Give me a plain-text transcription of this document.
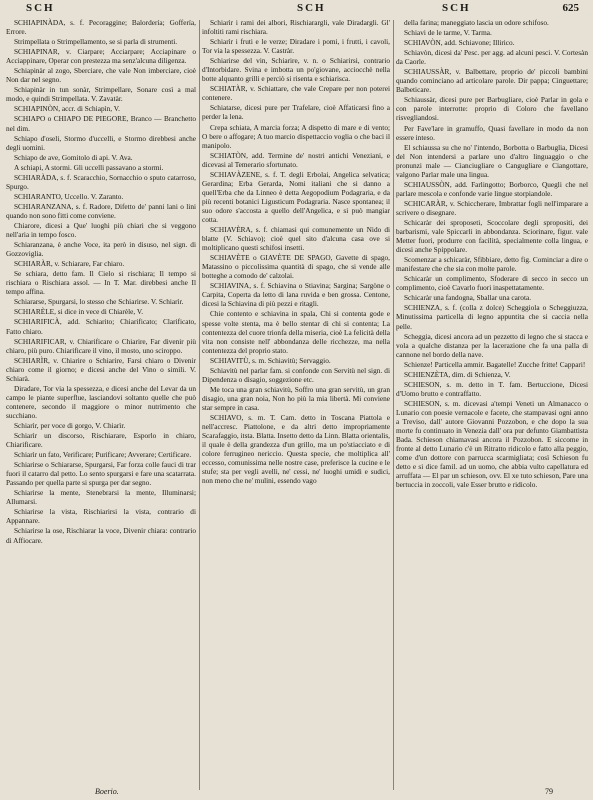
SCH	SCH	SCH	625

SCHIAPINÀDA, s. f. Pecoraggine; Balordería; Goffería, Errore.

Strimpellata o Strimpellamento, se si parla di strumenti.

SCHIAPINAR, v. Ciarpare; Acciarpare; Acciapinare o Acciappinare, Operar con prestezza ma senz'alcuna diligenza.

Schiapinàr al zogo, Sberciare, che vale Non imberciare, cioè Non dar nel segno.

Schiapinàr in tun sonàr, Strimpellare, Sonare così a mal modo, e quindi Strimpellata. V. Zavatàr.

SCHIAPINÒN, accr. di Schiapìn, V.

SCHIAPO o CHIAPO DE PIEGORE, Branco — Branchetto nel dim.

Schiapo d'oseli, Stormo d'uccelli, e Stormo direbbesi anche degli uomini.

Schiapo de ave, Gomitolo di api. V. Ava.

A schiapi, A stormi. Gli uccelli passavano a stormi.

SCHIARÀDA, s. f. Scaracchio, Sornacchio o sputo catarroso, Spurgo.

SCHIARANTO, Uccello. V. Zaranto.

SCHIARANZANA, s. f. Radore, Difetto de' panni lani o lini quando non sono fitti come conviene.

Chiarore, dicesi a Que' luoghi più chiari che si veggono nell'aria in tempo fosco.

Schiaranzana, è anche Voce, ita però in disuso, nel sign. di Gozzoviglia.

SCHIARÀR, v. Schiarare, Far chiaro.

Se schiara, detto fam. Il Cielo si rischiara; Il tempo si rischiara o Rischiara assol. — In T. Mar. direbbesi anche Il tempo affina.

Schiararse, Spurgarsi, lo stesso che Schiarirse. V. Schiarìr.

SCHIARÈLE, si dice in vece di Chiarèle, V.

SCHIARIFICÀ, add. Schiarito; Chiarificato; Clarificato, Fatto chiaro.

SCHIARIFICAR, v. Chiarificare o Chiarire, Far divenir più chiaro, più puro. Chiarificare il vino, il mosto, uno sciroppo.

SCHIARÌR, v. Chiarire o Schiarire, Farsi chiaro o Divenir chiaro come il giorno; e dicesi anche del Vino o simili. V. Schiarà.

Diradare, Tor via la spessezza, e dicesi anche del Levar da un campo le piante superflue, lasciandovi soltanto quelle che può contenere, secondo il maggiore o minor nutrimento che succhiano.

Schiarìr, per voce di gorgo, V. Chiarìr.

Schiarìr un discorso, Rischiarare, Esporlo in chiaro, Chiarificare.

Schiarìr un fato, Verificare; Purificare; Avverare; Certificare.

Schiarirse o Schiararse, Spurgarsi, Far forza colle fauci di trar fuori il catarro dal petto. Lo sento spurgarsi e fare una scatarrata. Passando per quella parte si spurga per dar segno.

Schiarirse la mente, Stenebrarsi la mente, Illuminarsi; Allumarsi.

Schiarirse la vista, Rischiarirsi la vista, contrario di Appannare.

Schiarirse la ose, Rischiarar la voce, Divenir chiara: contrario di Affiocare.

Schiarìr i rami dei albori, Rischiarargli, vale Diradargli. Gl' infoltiti rami rischiara.

Schiarìr i fruti e le verze; Diradare i pomi, i frutti, i cavoli, Tor via la spessezza. V. Castràr.

Schiarirse del vin, Schiarire, v. n. o Schiarirsi, contrario d'Intorbidare. Svina e imbotta un po'giovane, acciocchè nella botte alquanto grilli e perciò si risenta e schiarisca.

SCHIATÀR, v. Schiattare, che vale Crepare per non poterei contenere.

Schiatarse, dicesi pure per Trafelare, cioè Affaticarsi fino a perder la lena.

Crepa schiata, A marcia forza; A dispetto di mare e di vento; O bere o affogare; A tuo marcio dispettaccio voglia o che baci il manipolo.

SCHIATÒN, add. Termine de' nostri antichi Veneziani, e dicevasi al Temerario sfortunato.

SCHIAVÀZENE, s. f. T. degli Erbolai, Angelica selvatica; Gerardina; Erba Gerarda, Nomi italiani che si danno a quell'Erba che da Linneo è detta Aegopodium Podagraria, e da più recenti botanici Ligusticum Podagraria. Nasce spontanea; il suo odore s'accosta a quello dell'Angelica, e si può mangiar cotta.

SCHIAVÈRA, s. f. chiamasi qui comunemente un Nido di blatte (V. Schiavo); cioè quel sito d'alcuna casa ove si moltiplicano questi schifosi insetti.

SCHIAVÈTE o GIAVÈTE DE SPAGO, Gavette di spago, Matassino o piccolissima quantità di spago, che si vende alle botteghe a comodo de' calzolai.

SCHIAVINA, s. f. Schiavina o Stiavina; Sargina; Sargòne o Carpita, Coperta da letto di lana ruvida e ben grossa. Centone, dicesi la Schiavina di più pezzi e ritagli.

Chie contento e schiavina in spala, Chi si contenta gode e spesse volte stenta, ma è bello stentar di chi si contenta; La contentezza del cuore trionfa della miseria, cioè La felicità della vita non consiste nell' abbondanza delle ricchezze, ma nella contentezza del proprio stato.

SCHIAVITÙ, s. m. Schiavitù; Servaggio.

Schiavitù nel parlar fam. si confonde con Servitù nel sign. di Dipendenza o disagio, soggezione etc.

Me toca una gran schiavitù, Soffro una gran servitù, un gran disagio, una gran noia, Non ho più la mia libertà. Mi conviene star sempre in casa.

SCHIAVO, s. m. T. Cam. detto in Toscana Piattola e nell'accresc. Piattolone, e da altri detto impropriamente Scarafaggio, itsta. Blatta. Insetto detto da Linn. Blatta orientalis, il quale è della grandezza d'un grillo, ma un po'stiacciato e di colore ferrugineo nericcio. Questa specie, che moltiplica all' eccesso, comunissima nelle nostre case, preferisce la cucine e le stufe; sta per vegli avelli, ne' cessi, ne' luoghi umidi e sudici, non meno che ne' mulini, essendo vago

della farina; maneggiato lascia un odore schifoso.

Schiavi de le tarme, V. Tarma.

SCHIAVÒN, add. Schiavone; Illirico.

Schiavòn, dicesi da' Pesc. per agg. ad alcuni pesci. V. Cortesàn da Caorle.

SCHIAUSSÀR, v. Balbettare, proprio de' piccoli bambini quando cominciano ad articolare parole. Dir pappa; Cinguettare; Balbeticare.

Schiaussàr, dicesi pure per Barbugliare, cioè Parlar in gola e con parole interrotte: proprio di Coloro che favellano risvegliandosi.

Per Fave'lare in gramuffo, Quasi favellare in modo da non essere inteso.

El schiaussa su che no' l'intendo, Borbotta o Barbuglia, Dicesi del Non intendersi a parlare uno d'altro linguaggio o che pronunzi male — Cianciugliare o Cangugliare e Ciangottare, valgono Parlar male una lingua.

SCHIAUSSÒN, add. Farlingotto; Borborco, Quegli che nel parlare mescola e confonde varie lingue storpiandole.

SCHICARÀR, v. Schiccherare, Imbrattar fogli nell'imparare a scrivere o disegnare.

Schicaràr dei sproposeti, Scoccolare degli spropositi, dei barbarismi, vale Spiccarli in abbondanza. Sciorinare, figur. vale Metter fuori, produrre con facilità, specialmente colla lingua, e dicesi anche Spippolare.

Scomenzar a schicaràr, Sfibbiare, detto fig. Cominciar a dire o manifestare che che sia con molte parole.

Schicaràr un complimento, Sfoderare di secco in secco un complimento, cioè Cavarlo fuori inaspettatamente.

Schicaràr una fandogna, Sballar una carota.

SCHIENZA, s. f. (colla z dolce) Scheggiola o Scheggiuzza, Minutissima particella di legno appuntita che si caccia nella pelle.

Scheggia, dicesi ancora ad un pezzetto di legno che si stacca e vola a qualche distanza per la lacerazione che fa una palla di cannone nel bordo della nave.

Schienze! Particella ammir. Bagatelle! Zucche fritte! Cappari!

SCHIENZÈTA, dim. di Schienza, V.

SCHIESON, s. m. detto in T. fam. Bertuccione, Dicesi d'Uomo brutto e contraffatto.

SCHIESON, s. m. dicevasi a'tempi Veneti un Almanacco o Lunario con poesie vernacole e facete, che stampavasi ogni anno a Treviso, dall' autore Giovanni Pozzobon, e che dopo la sua morte fu continuato in Venezia dall' ora pur defunto Giambattista Bada. Schieson chiamavasi ancora il Pozzobon. E siccome in fronte al detto Lunario c'è un Ritratto ridicolo e fatto alla peggio, come d'un dottore con parrucca scarmigliata; così Schieson fu detto e si dice famil. ad un uomo, che abbia vulto capellatura ed arruffata — El par un schieson, ovv. El xe tuto schieson, Pare una bertuccia in zoccoli, vale Esser brutto e ridicolo.

Boerio.	79
